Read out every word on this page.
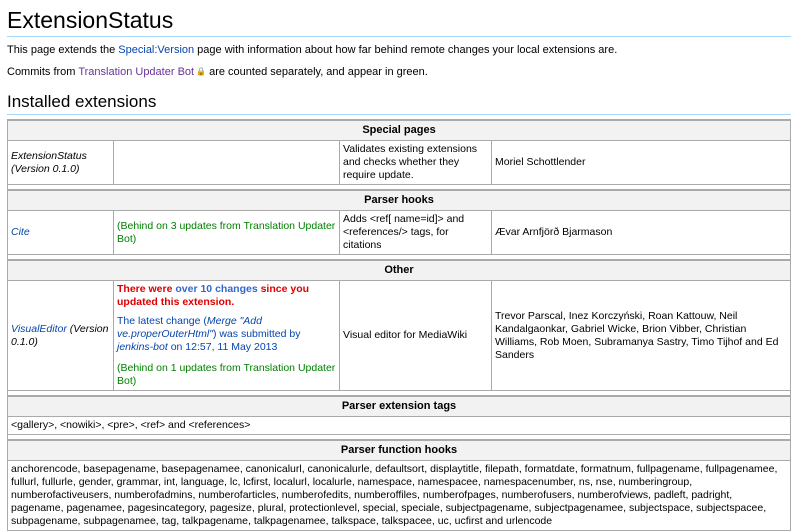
ExtensionStatus

This page extends the Special:Version page with information about how far behind remote changes your local extensions are.

Commits from Translation Updater Bot 🔒 are counted separately, and appear in green.

Installed extensions
Special pages			
ExtensionStatus
(Version 0.1.0)		Validates existing extensions and checks whether they require update.	Moriel Schottlender

Parser hooks			
Cite	(Behind on 3 updates from Translation Updater Bot)	Adds <ref[ name=id]> and <references/> tags, for citations	Ævar Arnfjörð Bjarmason

Other			
VisualEditor (Version 0.1.0)	There were over 10 changes since you updated this extension.
The latest change (Merge "Add ve.properOuterHtml") was submitted by jenkins-bot on 12:57, 11 May 2013
(Behind on 1 updates from Translation Updater Bot)	Visual editor for MediaWiki	Trevor Parscal, Inez Korczyński, Roan Kattouw, Neil Kandalgaonkar, Gabriel Wicke, Brion Vibber, Christian Williams, Rob Moen, Subramanya Sastry, Timo Tijhof and Ed Sanders

Parser extension tags			
<gallery>, <nowiki>, <pre>, <ref> and <references>			

Parser function hooks			
anchorencode, basepagename, basepagenamee, canonicalurl, canonicalurle, defaultsort, displaytitle, filepath, formatdate, formatnum, fullpagename, fullpagenamee, fullurl, fullurle, gender, grammar, int, language, lc, lcfirst, localurl, localurle, namespace, namespacee, namespacenumber, ns, nse, numberingroup, numberofactiveusers, numberofadmins, numberofarticles, numberofedits, numberoffiles, numberofpages, numberofusers, numberofviews, padleft, padright, pagename, pagenamee, pagesincategory, pagesize, plural, protectionlevel, special, speciale, subjectpagename, subjectpagenamee, subjectspace, subjectspacee, subpagename, subpagenamee, tag, talkpagename, talkpagenamee, talkspace, talkspacee, uc, ucfirst and urlencode			
